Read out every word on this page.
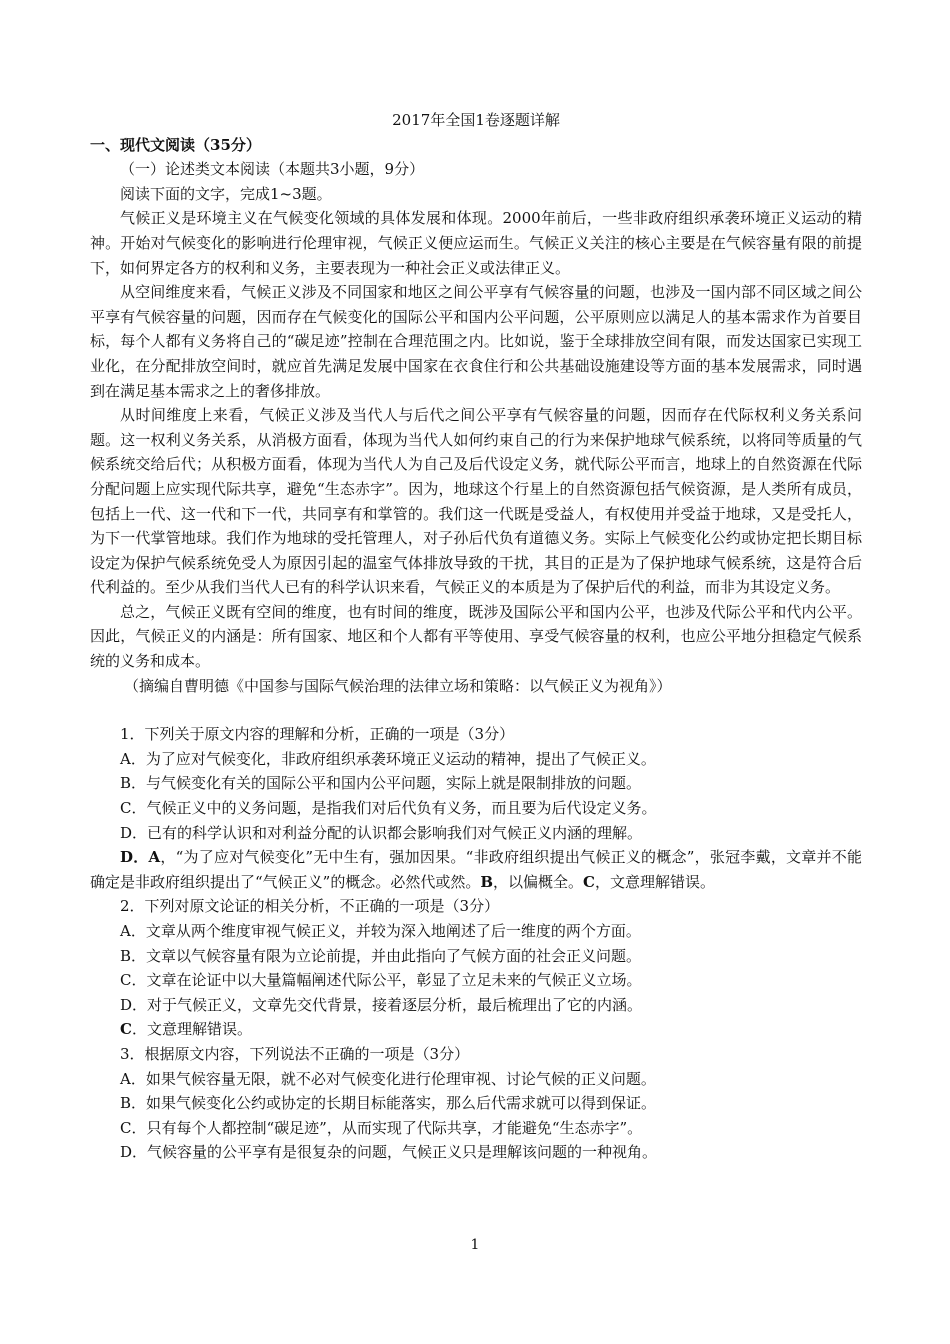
2017年全国1卷逐题详解

一、现代文阅读（35分）

（一）论述类文本阅读（本题共3小题，9分）

阅读下面的文字，完成1~3题。

气候正义是环境主义在气候变化领域的具体发展和体现。2000年前后，一些非政府组织承袭环境正义运动的精神。开始对气候变化的影响进行伦理审视，气候正义便应运而生。气候正义关注的核心主要是在气候容量有限的前提下，如何界定各方的权利和义务，主要表现为一种社会正义或法律正义。

从空间维度来看，气候正义涉及不同国家和地区之间公平享有气候容量的问题，也涉及一国内部不同区域之间公平享有气候容量的问题，因而存在气候变化的国际公平和国内公平问题，公平原则应以满足人的基本需求作为首要目标，每个人都有义务将自己的“碳足迹”控制在合理范围之内。比如说，鉴于全球排放空间有限，而发达国家已实现工业化，在分配排放空间时，就应首先满足发展中国家在衣食住行和公共基础设施建设等方面的基本发展需求，同时遇到在满足基本需求之上的奢侈排放。

从时间维度上来看，气候正义涉及当代人与后代之间公平享有气候容量的问题，因而存在代际权利义务关系问题。这一权利义务关系，从消极方面看，体现为当代人如何约束自己的行为来保护地球气候系统，以将同等质量的气候系统交给后代；从积极方面看，体现为当代人为自己及后代设定义务，就代际公平而言，地球上的自然资源在代际分配问题上应实现代际共享，避免“生态赤字”。因为，地球这个行星上的自然资源包括气候资源，是人类所有成员，包括上一代、这一代和下一代，共同享有和掌管的。我们这一代既是受益人，有权使用并受益于地球，又是受托人，为下一代掌管地球。我们作为地球的受托管理人，对子孙后代负有道德义务。实际上气候变化公约或协定把长期目标设定为保护气候系统免受人为原因引起的温室气体排放导致的干扰，其目的正是为了保护地球气候系统，这是符合后代利益的。至少从我们当代人已有的科学认识来看，气候正义的本质是为了保护后代的利益，而非为其设定义务。

总之，气候正义既有空间的维度，也有时间的维度，既涉及国际公平和国内公平，也涉及代际公平和代内公平。因此，气候正义的内涵是：所有国家、地区和个人都有平等使用、享受气候容量的权利，也应公平地分担稳定气候系统的义务和成本。

（摘编自曹明德《中国参与国际气候治理的法律立场和策略：以气候正义为视角》）

1．下列关于原文内容的理解和分析，正确的一项是（3分）

A．为了应对气候变化，非政府组织承袭环境正义运动的精神，提出了气候正义。

B．与气候变化有关的国际公平和国内公平问题，实际上就是限制排放的问题。

C．气候正义中的义务问题，是指我们对后代负有义务，而且要为后代设定义务。

D．已有的科学认识和对利益分配的认识都会影响我们对气候正义内涵的理解。

D．A，“为了应对气候变化”无中生有，强加因果。“非政府组织提出气候正义的概念”，张冠李戴，文章并不能确定是非政府组织提出了“气候正义”的概念。必然代或然。B，以偏概全。C，文意理解错误。

2．下列对原文论证的相关分析，不正确的一项是（3分）

A．文章从两个维度审视气候正义，并较为深入地阐述了后一维度的两个方面。

B．文章以气候容量有限为立论前提，并由此指向了气候方面的社会正义问题。

C．文章在论证中以大量篇幅阐述代际公平，彰显了立足未来的气候正义立场。

D．对于气候正义，文章先交代背景，接着逐层分析，最后梳理出了它的内涵。

C．文意理解错误。

3．根据原文内容，下列说法不正确的一项是（3分）

A．如果气候容量无限，就不必对气候变化进行伦理审视、讨论气候的正义问题。

B．如果气候变化公约或协定的长期目标能落实，那么后代需求就可以得到保证。

C．只有每个人都控制“碳足迹”，从而实现了代际共享，才能避免“生态赤字”。

D．气候容量的公平享有是很复杂的问题，气候正义只是理解该问题的一种视角。

1
